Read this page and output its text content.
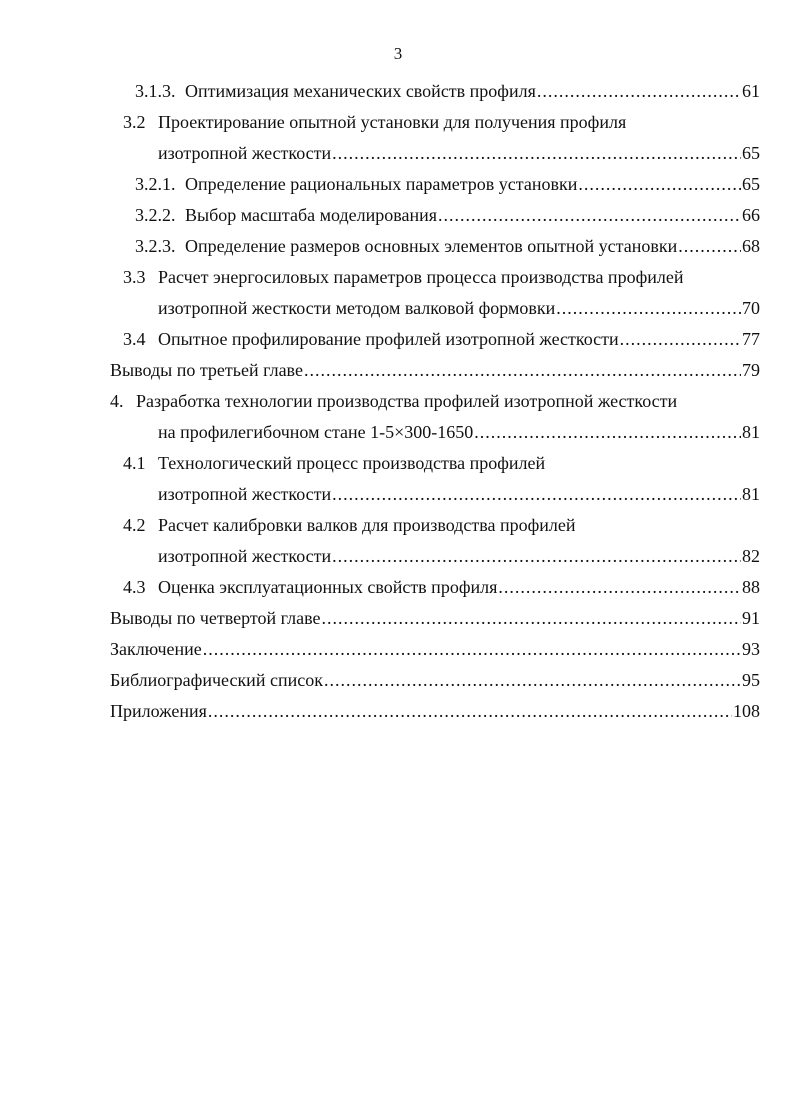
3
3.1.3. Оптимизация механических свойств профиля .....	61
3.2 Проектирование опытной установки для получения профиля
изотропной жесткости .....	65
3.2.1. Определение рациональных параметров установки .....	65
3.2.2. Выбор масштаба моделирования .....	66
3.2.3. Определение размеров основных элементов опытной установки .....	68
3.3 Расчет энергосиловых параметров процесса производства профилей
изотропной жесткости методом валковой формовки .....	70
3.4 Опытное профилирование профилей изотропной жесткости .....	77
Выводы по третьей главе .....	79
4. Разработка технологии производства профилей изотропной жесткости
на профилегибочном стане 1-5×300-1650 .....	81
4.1 Технологический процесс производства профилей
изотропной жесткости .....	81
4.2 Расчет калибровки валков для производства профилей
изотропной жесткости .....	82
4.3 Оценка эксплуатационных свойств профиля .....	88
Выводы по четвертой главе .....	91
Заключение .....	93
Библиографический список .....	95
Приложения .....	108
